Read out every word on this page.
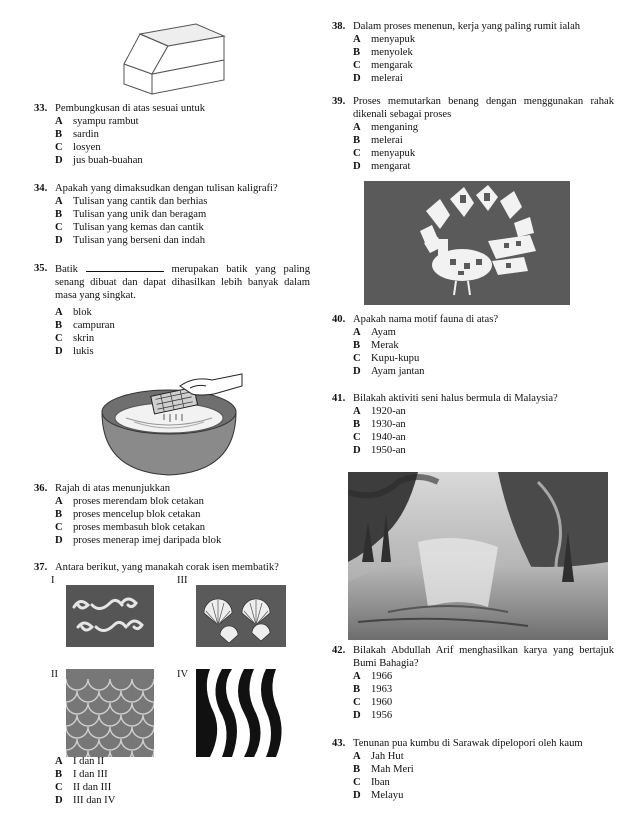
33. Pembungkusan di atas sesuai untuk
A syampu rambut
B	sardin
C losyen
D jus buah-buahan
34. Apakah yang dimaksudkan dengan tulisan kaligrafi?
A Tulisan yang cantik dan berhias
B	Tulisan yang unik dan beragam
C Tulisan yang kemas dan cantik
D Tulisan yang berseni dan indah
35. Batik	merupakan batik yang paling senang dibuat dan dapat dihasilkan lebih banyak dalam masa yang singkat.
A blok
B	campuran
C skrin
D lukis
36. Rajah di atas menunjukkan
A proses merendam blok cetakan
B	proses mencelup blok cetakan
C proses membasuh blok cetakan
D proses menerap imej daripada blok
37. Antara berikut, yang manakah corak isen membatik?
I	III
II	IV
A I dan II
B	I dan III
C II dan III
D III dan IV
38. Dalam proses menenun, kerja yang paling rumit ialah
A menyapuk
B	menyolek
C mengarak
D melerai
39. Proses memutarkan benang dengan menggunakan rahak dikenali sebagai proses
A menganing
B	melerai
C menyapuk
D mengarat
40. Apakah nama motif fauna di atas?
A Ayam
B	Merak
C Kupu-kupu
D Ayam jantan
41. Bilakah aktiviti seni halus bermula di Malaysia?
A 1920-an
B	1930-an
C 1940-an
D 1950-an
42. Bilakah Abdullah Arif menghasilkan karya yang bertajuk Bumi Bahagia?
A 1966
B	1963
C 1960
D 1956
43. Tenunan pua kumbu di Sarawak dipelopori oleh kaum
A Jah Hut
B	Mah Meri
C Iban
D Melayu
